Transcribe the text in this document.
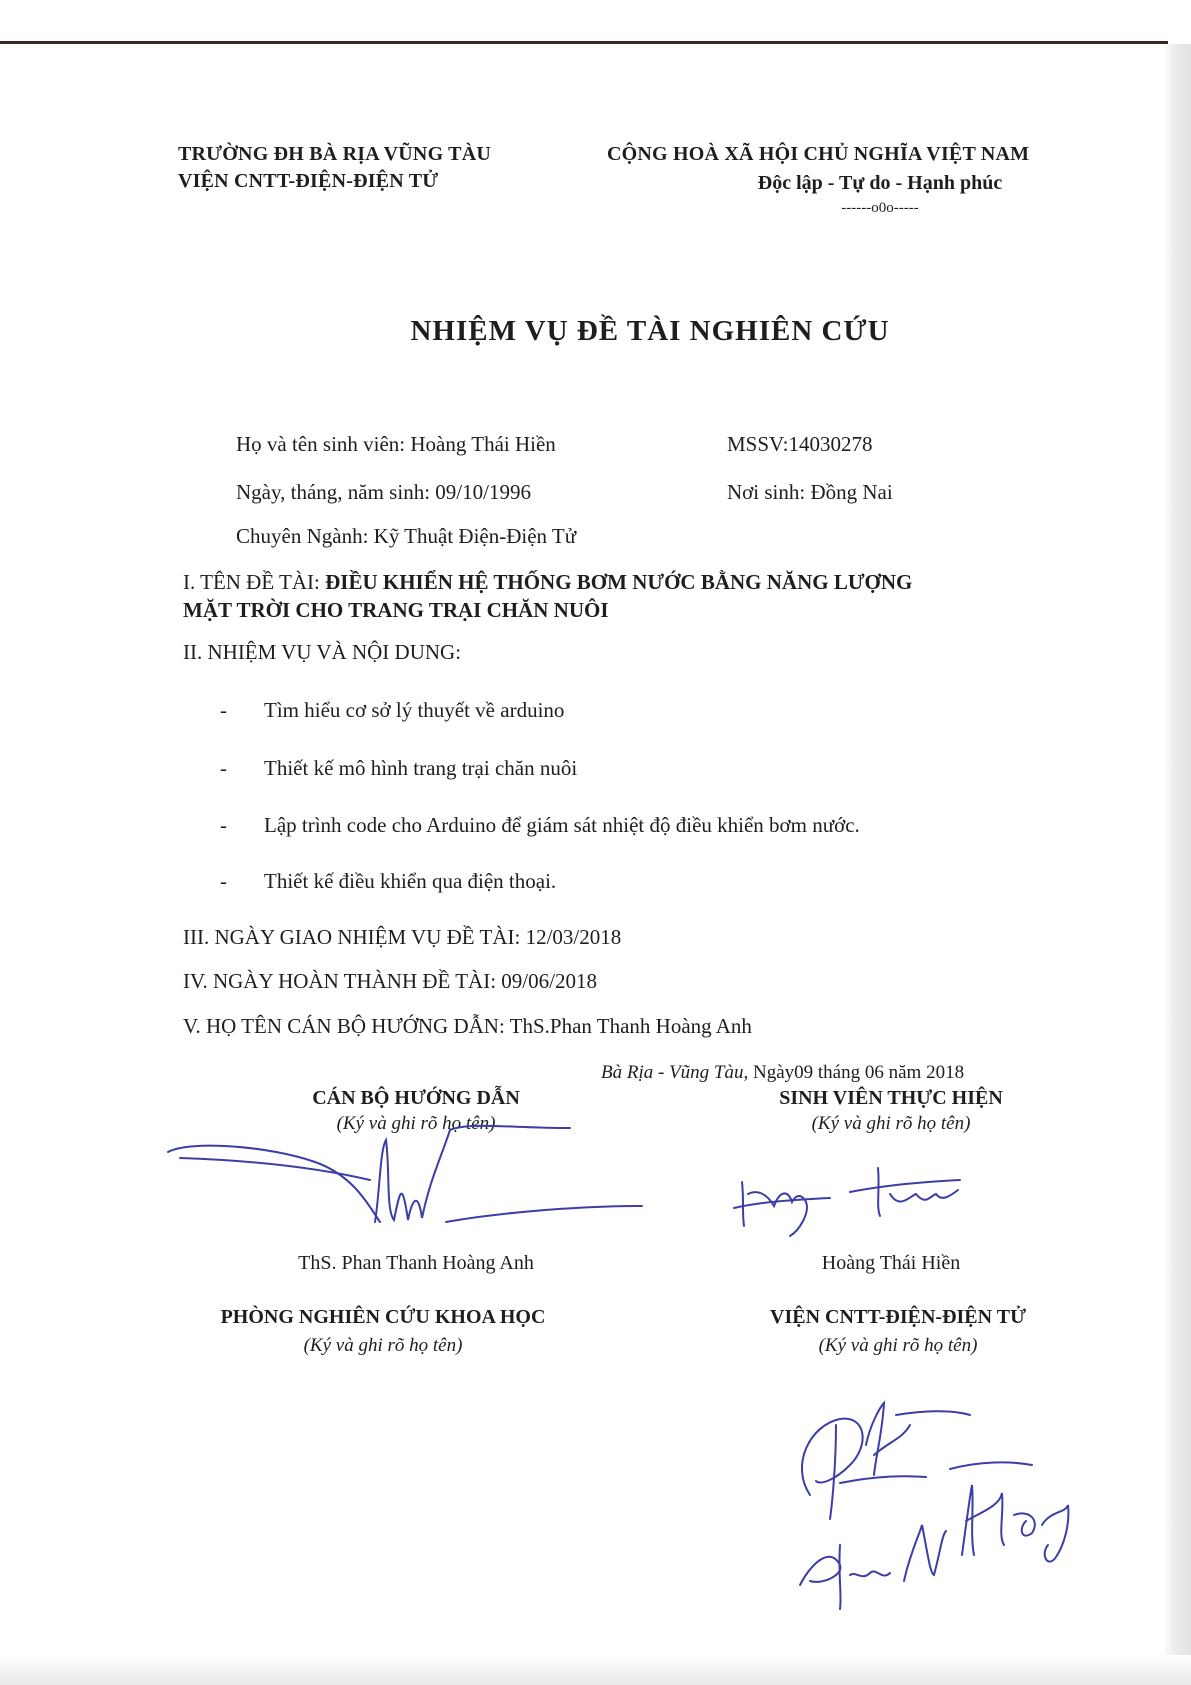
TRƯỜNG ĐH BÀ RỊA VŨNG TÀU
VIỆN CNTT-ĐIỆN-ĐIỆN TỬ
CỘNG HOÀ XÃ HỘI CHỦ NGHĨA VIỆT NAM
Độc lập - Tự do - Hạnh phúc
------o0o-----
NHIỆM VỤ ĐỀ TÀI NGHIÊN CỨU
Họ và tên sinh viên: Hoàng Thái Hiền	MSSV:14030278
Ngày, tháng, năm sinh: 09/10/1996	Nơi sinh: Đồng Nai
Chuyên Ngành: Kỹ Thuật Điện-Điện Tử
I. TÊN ĐỀ TÀI: ĐIỀU KHIỂN HỆ THỐNG BƠM NƯỚC BẰNG NĂNG LƯỢNG
MẶT TRỜI CHO TRANG TRẠI CHĂN NUÔI
II. NHIỆM VỤ VÀ NỘI DUNG:
- Tìm hiểu cơ sở lý thuyết về arduino
- Thiết kế mô hình trang trại chăn nuôi
- Lập trình code cho Arduino để giám sát nhiệt độ điều khiển bơm nước.
- Thiết kế điều khiển qua điện thoại.
III. NGÀY GIAO NHIỆM VỤ ĐỀ TÀI: 12/03/2018
IV. NGÀY HOÀN THÀNH ĐỀ TÀI: 09/06/2018
V. HỌ TÊN CÁN BỘ HƯỚNG DẪN: ThS.Phan Thanh Hoàng Anh
Bà Rịa - Vũng Tàu, Ngày09 tháng 06 năm 2018
CÁN BỘ HƯỚNG DẪN
(Ký và ghi rõ họ tên)
ThS. Phan Thanh Hoàng Anh
SINH VIÊN THỰC HIỆN
(Ký và ghi rõ họ tên)
Hoàng Thái Hiền
PHÒNG NGHIÊN CỨU KHOA HỌC
(Ký và ghi rõ họ tên)
VIỆN CNTT-ĐIỆN-ĐIỆN TỬ
(Ký và ghi rõ họ tên)
